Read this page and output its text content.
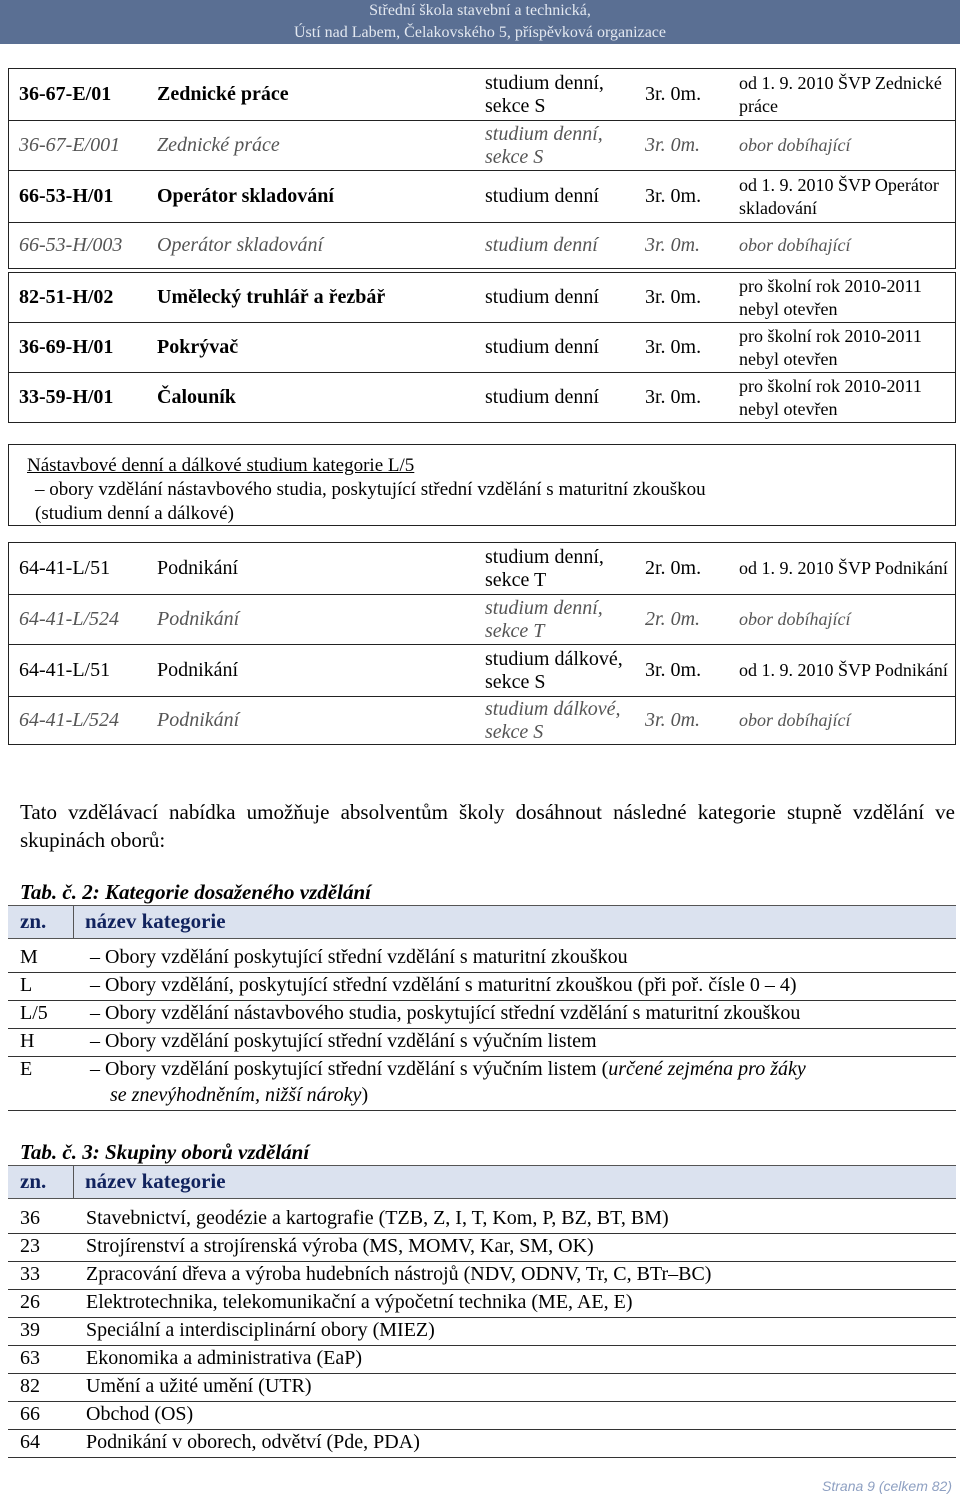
Střední škola stavební a technická,
Ústí nad Labem, Čelakovského 5, příspěvková organizace
36-67-E/01	Zednické práce	studium denní, sekce S	3r. 0m.	od 1. 9. 2010 ŠVP Zednické práce
36-67-E/001	Zednické práce	studium denní, sekce S	3r. 0m.	obor dobíhající
66-53-H/01	Operátor skladování	studium denní	3r. 0m.	od 1. 9. 2010 ŠVP Operátor skladování
66-53-H/003	Operátor skladování	studium denní	3r. 0m.	obor dobíhající
82-51-H/02	Umělecký truhlář a řezbář	studium denní	3r. 0m.	pro školní rok 2010-2011 nebyl otevřen
36-69-H/01	Pokrývač	studium denní	3r. 0m.	pro školní rok 2010-2011 nebyl otevřen
33-59-H/01	Čalouník	studium denní	3r. 0m.	pro školní rok 2010-2011 nebyl otevřen
Nástavbové denní a dálkové studium kategorie L/5
– obory vzdělání nástavbového studia, poskytující střední vzdělání s maturitní zkouškou
(studium denní a dálkové)
64-41-L/51	Podnikání	studium denní, sekce T	2r. 0m.	od 1. 9. 2010 ŠVP Podnikání
64-41-L/524	Podnikání	studium denní, sekce T	2r. 0m.	obor dobíhající
64-41-L/51	Podnikání	studium dálkové, sekce S	3r. 0m.	od 1. 9. 2010 ŠVP Podnikání
64-41-L/524	Podnikání	studium dálkové, sekce S	3r. 0m.	obor dobíhající
Tato vzdělávací nabídka umožňuje absolventům školy dosáhnout následné kategorie stupně vzdělání ve skupinách oborů:
Tab. č. 2: Kategorie dosaženého vzdělání
zn. název kategorie
M	– Obory vzdělání poskytující střední vzdělání s maturitní zkouškou
L	– Obory vzdělání, poskytující střední vzdělání s maturitní zkouškou (při poř. čísle 0 – 4)
L/5 – Obory vzdělání nástavbového studia, poskytující střední vzdělání s maturitní zkouškou
H	– Obory vzdělání poskytující střední vzdělání s výučním listem
E	– Obory vzdělání poskytující střední vzdělání s výučním listem (určené zejména pro žáky
se znevýhodněním, nižší nároky)
Tab. č. 3: Skupiny oborů vzdělání
zn. název kategorie
36 Stavebnictví, geodézie a kartografie (TZB, Z, I, T, Kom, P, BZ, BT, BM)
23 Strojírenství a strojírenská výroba (MS, MOMV, Kar, SM, OK)
33 Zpracování dřeva a výroba hudebních nástrojů (NDV, ODNV, Tr, C, BTr–BC)
26 Elektrotechnika, telekomunikační a výpočetní technika (ME, AE, E)
39 Speciální a interdisciplinární obory (MIEZ)
63 Ekonomika a administrativa (EaP)
82 Umění a užité umění (UTR)
66 Obchod (OS)
64 Podnikání v oborech, odvětví (Pde, PDA)
Strana 9 (celkem 82)
